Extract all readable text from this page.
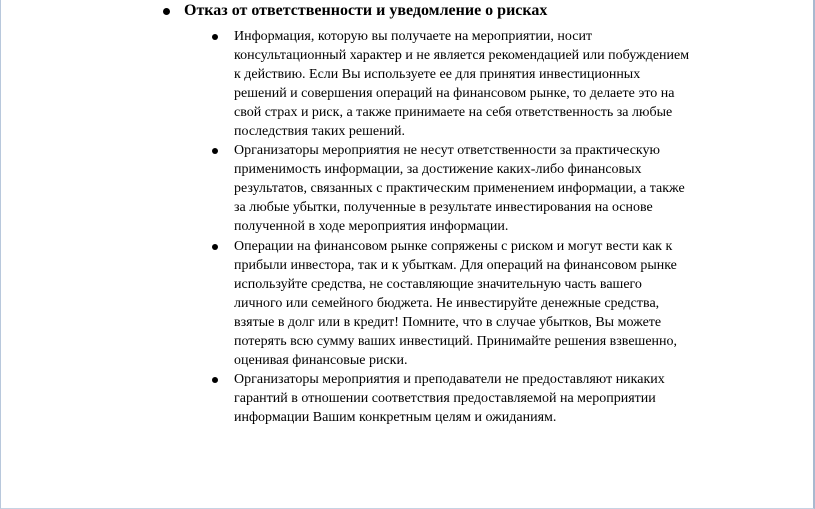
Отказ от ответственности и уведомление о рисках
Информация, которую вы получаете на мероприятии, носит консультационный характер и не является рекомендацией или побуждением к действию. Если Вы используете ее для принятия инвестиционных решений и совершения операций на финансовом рынке, то делаете это на свой страх и риск, а также принимаете на себя ответственность за любые последствия таких решений.
Организаторы мероприятия не несут ответственности за практическую применимость информации, за достижение каких-либо финансовых результатов, связанных с практическим применением информации, а также за любые убытки, полученные в результате инвестирования на основе полученной в ходе мероприятия информации.
Операции на финансовом рынке сопряжены с риском и могут вести как к прибыли инвестора, так и к убыткам. Для операций на финансовом рынке используйте средства, не составляющие значительную часть вашего личного или семейного бюджета. Не инвестируйте денежные средства, взятые в долг или в кредит! Помните, что в случае убытков, Вы можете потерять всю сумму ваших инвестиций. Принимайте решения взвешенно, оценивая финансовые риски.
Организаторы мероприятия и преподаватели не предоставляют никаких гарантий в отношении соответствия предоставляемой на мероприятии информации Вашим конкретным целям и ожиданиям.
